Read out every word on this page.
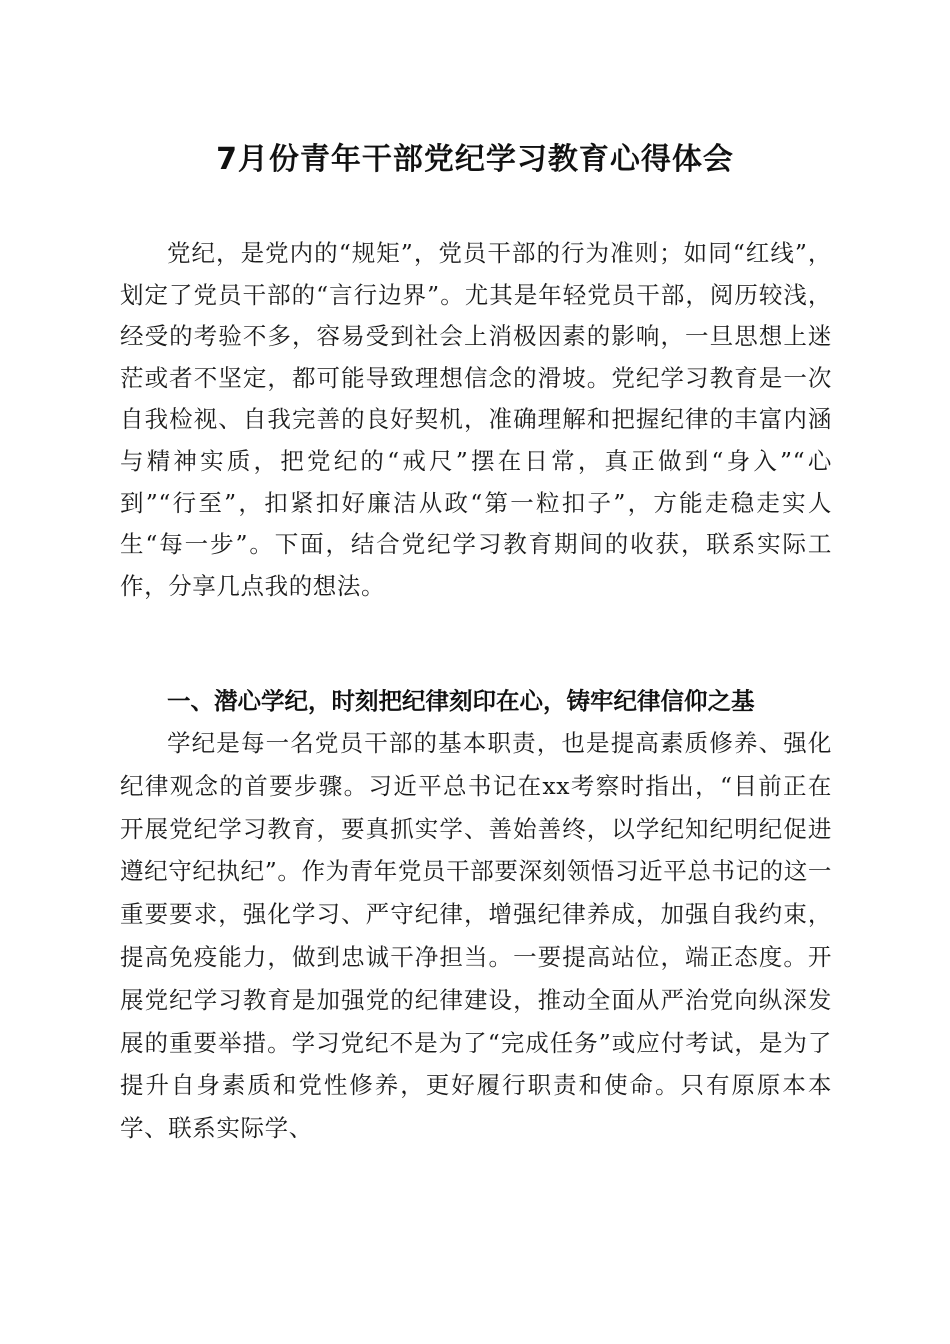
7月份青年干部党纪学习教育心得体会
党纪，是党内的“规矩”，党员干部的行为准则；如同“红线”，划定了党员干部的“言行边界”。尤其是年轻党员干部，阅历较浅，经受的考验不多，容易受到社会上消极因素的影响，一旦思想上迷茫或者不坚定，都可能导致理想信念的滑坡。党纪学习教育是一次自我检视、自我完善的良好契机，准确理解和把握纪律的丰富内涵与精神实质，把党纪的“戒尺”摆在日常，真正做到“身入”“心到”“行至”，扣紧扣好廉洁从政“第一粒扣子”，方能走稳走实人生“每一步”。下面，结合党纪学习教育期间的收获，联系实际工作，分享几点我的想法。
一、潜心学纪，时刻把纪律刻印在心，铸牢纪律信仰之基
学纪是每一名党员干部的基本职责，也是提高素质修养、强化纪律观念的首要步骤。习近平总书记在xx考察时指出，“目前正在开展党纪学习教育，要真抓实学、善始善终，以学纪知纪明纪促进遵纪守纪执纪”。作为青年党员干部要深刻领悟习近平总书记的这一重要要求，强化学习、严守纪律，增强纪律养成，加强自我约束，提高免疫能力，做到忠诚干净担当。一要提高站位，端正态度。开展党纪学习教育是加强党的纪律建设，推动全面从严治党向纵深发展的重要举措。学习党纪不是为了“完成任务”或应付考试，是为了提升自身素质和党性修养，更好履行职责和使命。只有原原本本学、联系实际学、
